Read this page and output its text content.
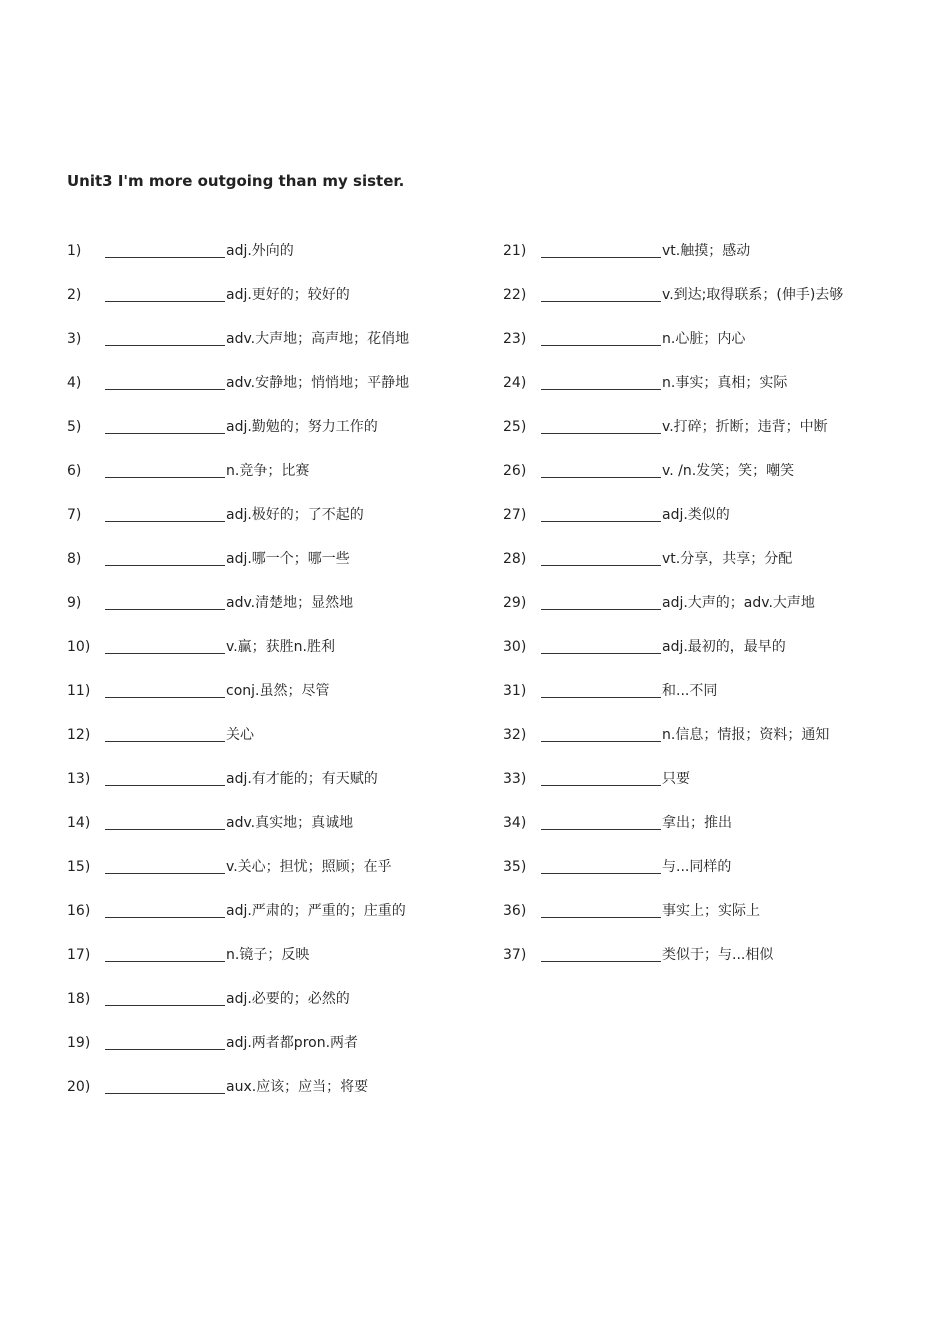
Unit3 I'm more outgoing than my sister.
1)	adj.外向的
2)	adj.更好的；较好的
3)	adv.大声地；高声地；花俏地
4)	adv.安静地；悄悄地；平静地
5)	adj.勤勉的；努力工作的
6)	n.竞争；比赛
7)	adj.极好的；了不起的
8)	adj.哪一个；哪一些
9)	adv.清楚地；显然地
10)	v.赢；获胜n.胜利
11)	conj.虽然；尽管
12)	关心
13)	adj.有才能的；有天赋的
14)	adv.真实地；真诚地
15)	v.关心；担忧；照顾；在乎
16)	adj.严肃的；严重的；庄重的
17)	n.镜子；反映
18)	adj.必要的；必然的
19)	adj.两者都pron.两者
20)	aux.应该；应当；将要
21)	vt.触摸；感动
22)	v.到达;取得联系；(伸手)去够
23)	n.心脏；内心
24)	n.事实；真相；实际
25)	v.打碎；折断；违背；中断
26)	v. /n.发笑；笑；嘲笑
27)	adj.类似的
28)	vt.分享，共享；分配
29)	adj.大声的；adv.大声地
30)	adj.最初的，最早的
31)	和...不同
32)	n.信息；情报；资料；通知
33)	只要
34)	拿出；推出
35)	与...同样的
36)	事实上；实际上
37)	类似于；与...相似
